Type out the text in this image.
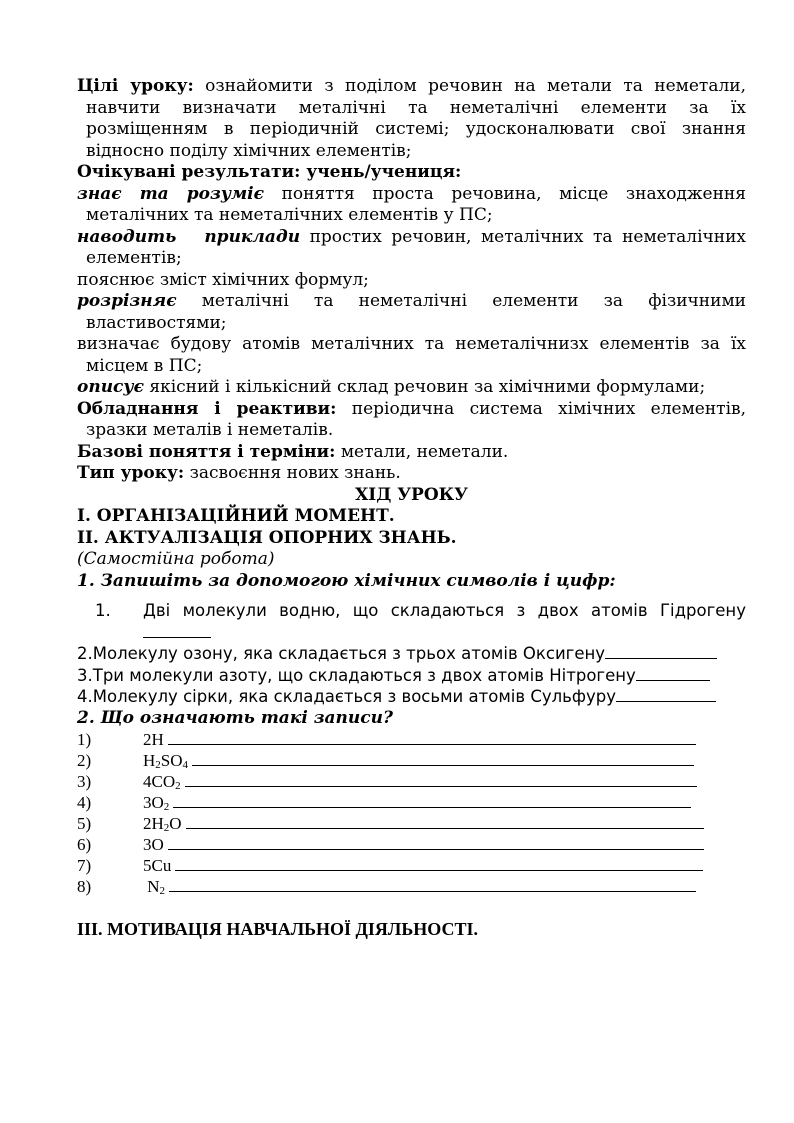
Цілі уроку: ознайомити з поділом речовин на метали та неметали, навчити визначати металічні та неметалічні елементи за їх розміщенням в періодичній системі; удосконалювати свої знання відносно поділу хімічних елементів;
Очікувані результати: учень/учениця:
знає та розуміє поняття проста речовина, місце знаходження металічних та неметалічних елементів у ПС;
наводить приклади простих речовин, металічних та неметалічних елементів;
пояснює зміст хімічних формул;
розрізняє металічні та неметалічні елементи за фізичними властивостями;
визначає будову атомів металічних та неметалічнизх елементів за їх місцем в ПС;
описує якісний і кількісний склад речовин за хімічними формулами;
Обладнання і реактиви: періодична система хімічних елементів, зразки металів і неметалів.
Базові поняття і терміни: метали, неметали.
Тип уроку: засвоєння нових знань.
ХІД УРОКУ
І. ОРГАНІЗАЦІЙНИЙ МОМЕНТ.
ІІ. АКТУАЛІЗАЦІЯ ОПОРНИХ ЗНАНЬ.
(Самостійна робота)
1. Запишіть за допомогою хімічних символів і цифр:
1. Дві молекули водню, що складаються з двох атомів Гідрогену
2.Молекулу озону, яка складається з трьох атомів Оксигену
3.Три молекули азоту, що складаються з двох атомів Нітрогену
4.Молекулу сірки, яка складається з восьми атомів Сульфуру
2. Що означають такі записи?
1)	2H
2)	$H_2SO_4$
3)	$4CO_2$
4)	$3O_2$
5)	$2H_2O$
6)	3O
7)	5Cu
8)	$N_2$
ІІІ. МОТИВАЦІЯ НАВЧАЛЬНОЇ ДІЯЛЬНОСТІ.
